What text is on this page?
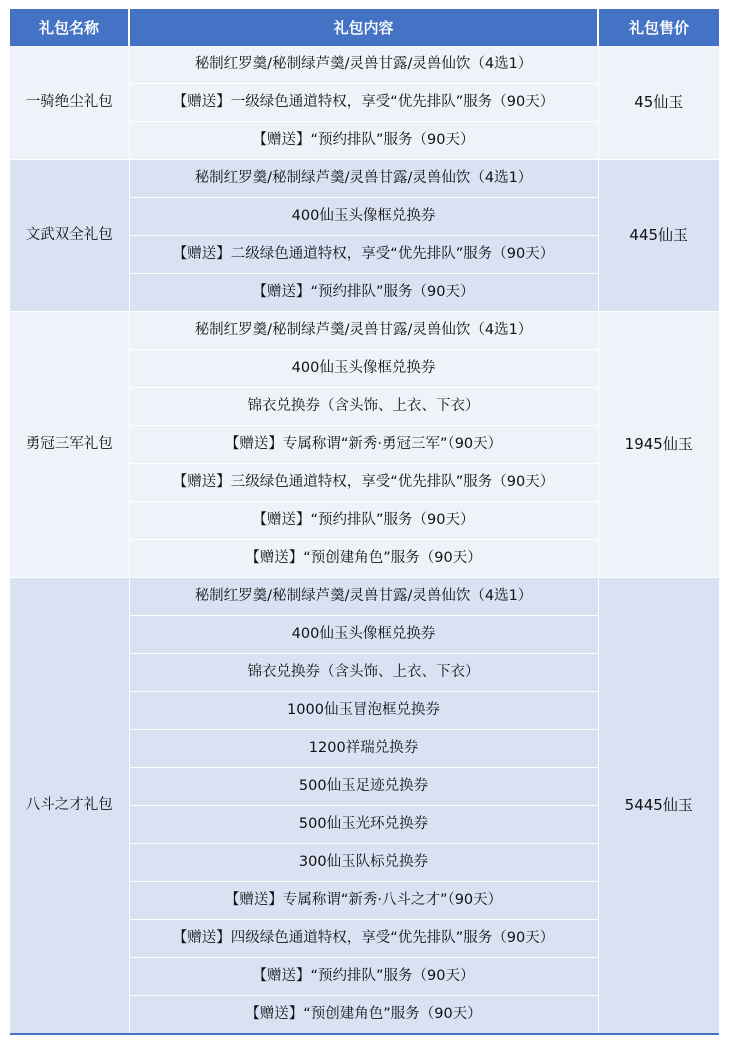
礼包名称	礼包内容	礼包售价
一骑绝尘礼包	秘制红罗羹/秘制绿芦羹/灵兽甘露/灵兽仙饮（4选1）	45仙玉
	【赠送】一级绿色通道特权，享受“优先排队”服务（90天）	
	【赠送】“预约排队”服务（90天）	
文武双全礼包	秘制红罗羹/秘制绿芦羹/灵兽甘露/灵兽仙饮（4选1）	445仙玉
	400仙玉头像框兑换券	
	【赠送】二级绿色通道特权，享受“优先排队”服务（90天）	
	【赠送】“预约排队”服务（90天）	
勇冠三军礼包	秘制红罗羹/秘制绿芦羹/灵兽甘露/灵兽仙饮（4选1）	1945仙玉
	400仙玉头像框兑换券	
	锦衣兑换券（含头饰、上衣、下衣）	
	【赠送】专属称谓“新秀·勇冠三军”（90天）	
	【赠送】三级绿色通道特权，享受“优先排队”服务（90天）	
	【赠送】“预约排队”服务（90天）	
	【赠送】“预创建角色”服务（90天）	
八斗之才礼包	秘制红罗羹/秘制绿芦羹/灵兽甘露/灵兽仙饮（4选1）	5445仙玉
	400仙玉头像框兑换券	
	锦衣兑换券（含头饰、上衣、下衣）	
	1000仙玉冒泡框兑换券	
	1200祥瑞兑换券	
	500仙玉足迹兑换券	
	500仙玉光环兑换券	
	300仙玉队标兑换券	
	【赠送】专属称谓“新秀·八斗之才”（90天）	
	【赠送】四级绿色通道特权，享受“优先排队”服务（90天）	
	【赠送】“预约排队”服务（90天）	
	【赠送】“预创建角色”服务（90天）	
